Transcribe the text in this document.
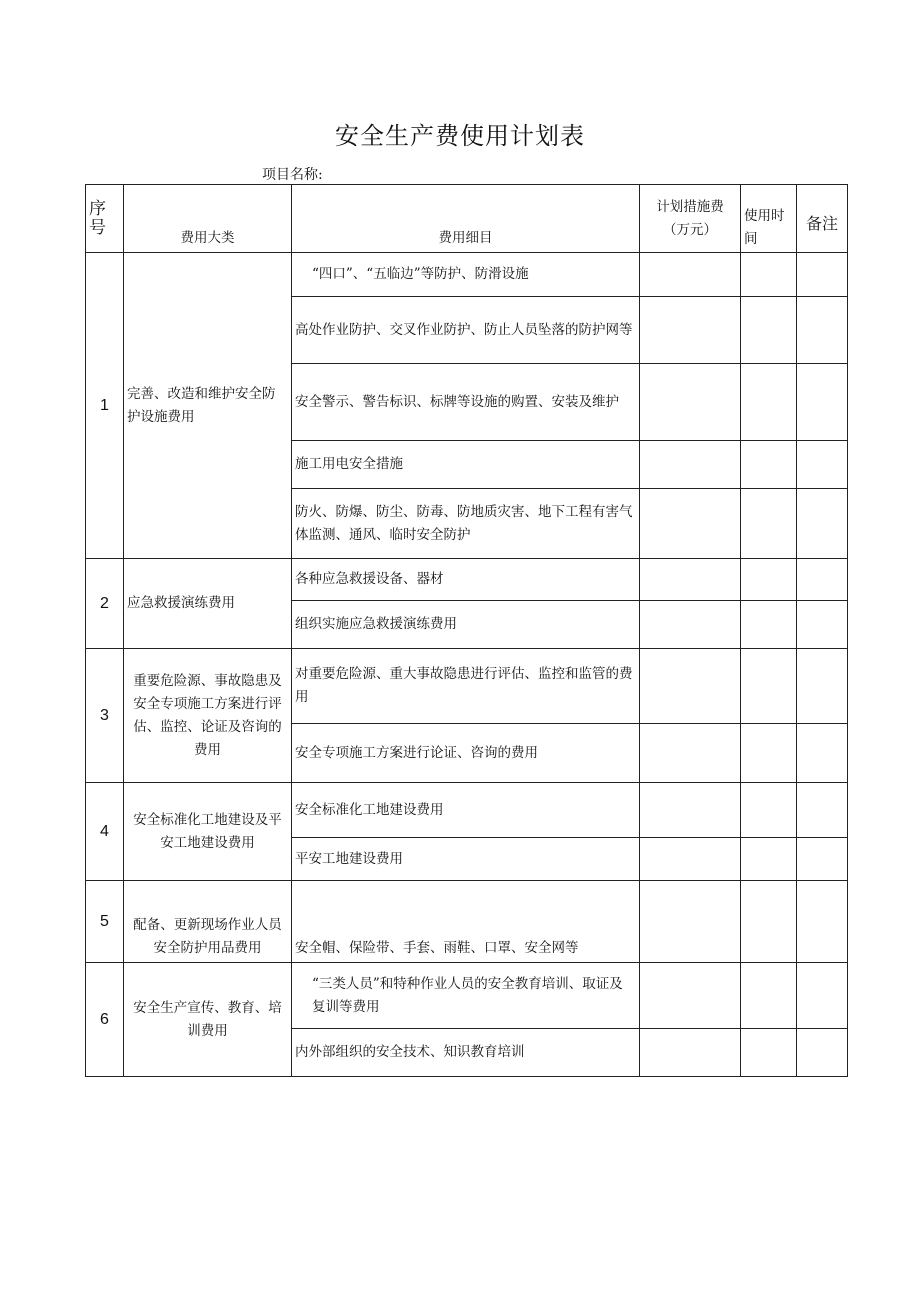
安全生产费使用计划表
项目名称:
序号	费用大类	费用细目	计划措施费（万元）	使用时间	备注
1	完善、改造和维护安全防护设施费用	“四口”、“五临边”等防护、防滑设施			
		高处作业防护、交叉作业防护、防止人员坠落的防护网等			
		安全警示、警告标识、标牌等设施的购置、安装及维护			
		施工用电安全措施			
		防火、防爆、防尘、防毒、防地质灾害、地下工程有害气体监测、通风、临时安全防护			
2	应急救援演练费用	各种应急救援设备、器材			
		组织实施应急救援演练费用			
3	重要危险源、事故隐患及安全专项施工方案进行评估、监控、论证及咨询的费用	对重要危险源、重大事故隐患进行评估、监控和监管的费用			
		安全专项施工方案进行论证、咨询的费用			
4	安全标准化工地建设及平安工地建设费用	安全标准化工地建设费用			
		平安工地建设费用			
5	配备、更新现场作业人员安全防护用品费用	安全帽、保险带、手套、雨鞋、口罩、安全网等			
6	安全生产宣传、教育、培训费用	“三类人员”和特种作业人员的安全教育培训、取证及复训等费用			
		内外部组织的安全技术、知识教育培训			
